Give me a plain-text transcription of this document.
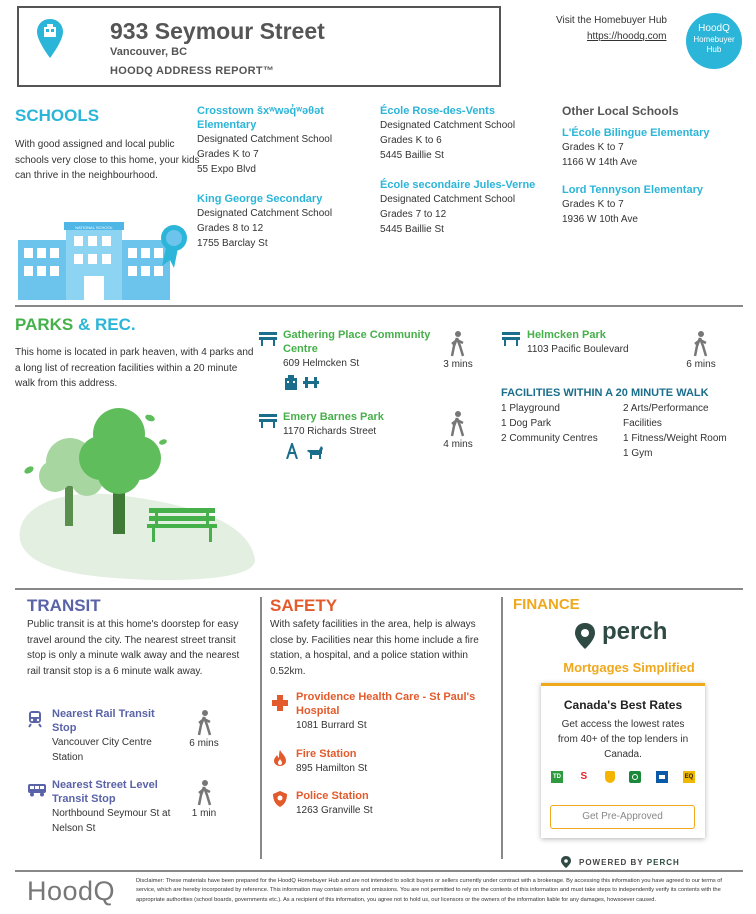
933 Seymour Street
Vancouver, BC
HOODQ ADDRESS REPORT™
Visit the Homebuyer Hub
https://hoodq.com
HoodQ
Homebuyer
Hub
SCHOOLS
With good assigned and local public schools very close to this home, your kids can thrive in the neighbourhood.
NATIONAL SCHOOL
Crosstown šxʷwəq̓ʷəθət Elementary
Designated Catchment School
Grades K to 7
55 Expo Blvd
King George Secondary
Designated Catchment School
Grades 8 to 12
1755 Barclay St
École Rose-des-Vents
Designated Catchment School
Grades K to 6
5445 Baillie St
École secondaire Jules-Verne
Designated Catchment School
Grades 7 to 12
5445 Baillie St
Other Local Schools
L'École Bilingue Elementary
Grades K to 7
1166 W 14th Ave
Lord Tennyson Elementary
Grades K to 7
1936 W 10th Ave
PARKS & REC.
This home is located in park heaven, with 4 parks and a long list of recreation facilities within a 20 minute walk from this address.
Gathering Place Community Centre
609 Helmcken St	3 mins
Emery Barnes Park
1170 Richards Street
4 mins
Helmcken Park
1103 Pacific Boulevard
6 mins
FACILITIES WITHIN A 20 MINUTE WALK
1 Playground
1 Dog Park
2 Community Centres
2 Arts/Performance Facilities
1 Fitness/Weight Room
1 Gym
TRANSIT
Public transit is at this home's doorstep for easy travel around the city. The nearest street transit stop is only a minute walk away and the nearest rail transit stop is a 6 minute walk away.
Nearest Rail Transit Stop
Vancouver City Centre Station
6 mins
Nearest Street Level Transit Stop
Northbound Seymour St at Nelson St
1 min
SAFETY
With safety facilities in the area, help is always close by. Facilities near this home include a fire station, a hospital, and a police station within 0.52km.
Providence Health Care - St Paul's Hospital
1081 Burrard St
Fire Station
895 Hamilton St
Police Station
1263 Granville St
FINANCE
perch
Mortgages Simplified
Canada's Best Rates
Get access the lowest rates from 40+ of the top lenders in Canada.
TD S	EQ
Get Pre-Approved
POWERED BY PERCH
HoodQ	Disclaimer: These materials have been prepared for the HoodQ Homebuyer Hub and are not intended to solicit buyers or sellers currently under contract with a brokerage. By accessing this information you have agreed to our terms of service, which are hereby incorporated by reference. This information may contain errors and omissions. You are not permitted to rely on the contents of this information and must take steps to independently verify its contents with the appropriate authorities (school boards, governments etc.). As a recipient of this information, you agree not to hold us, our licensors or the owners of the information liable for any damages, howsoever caused.
